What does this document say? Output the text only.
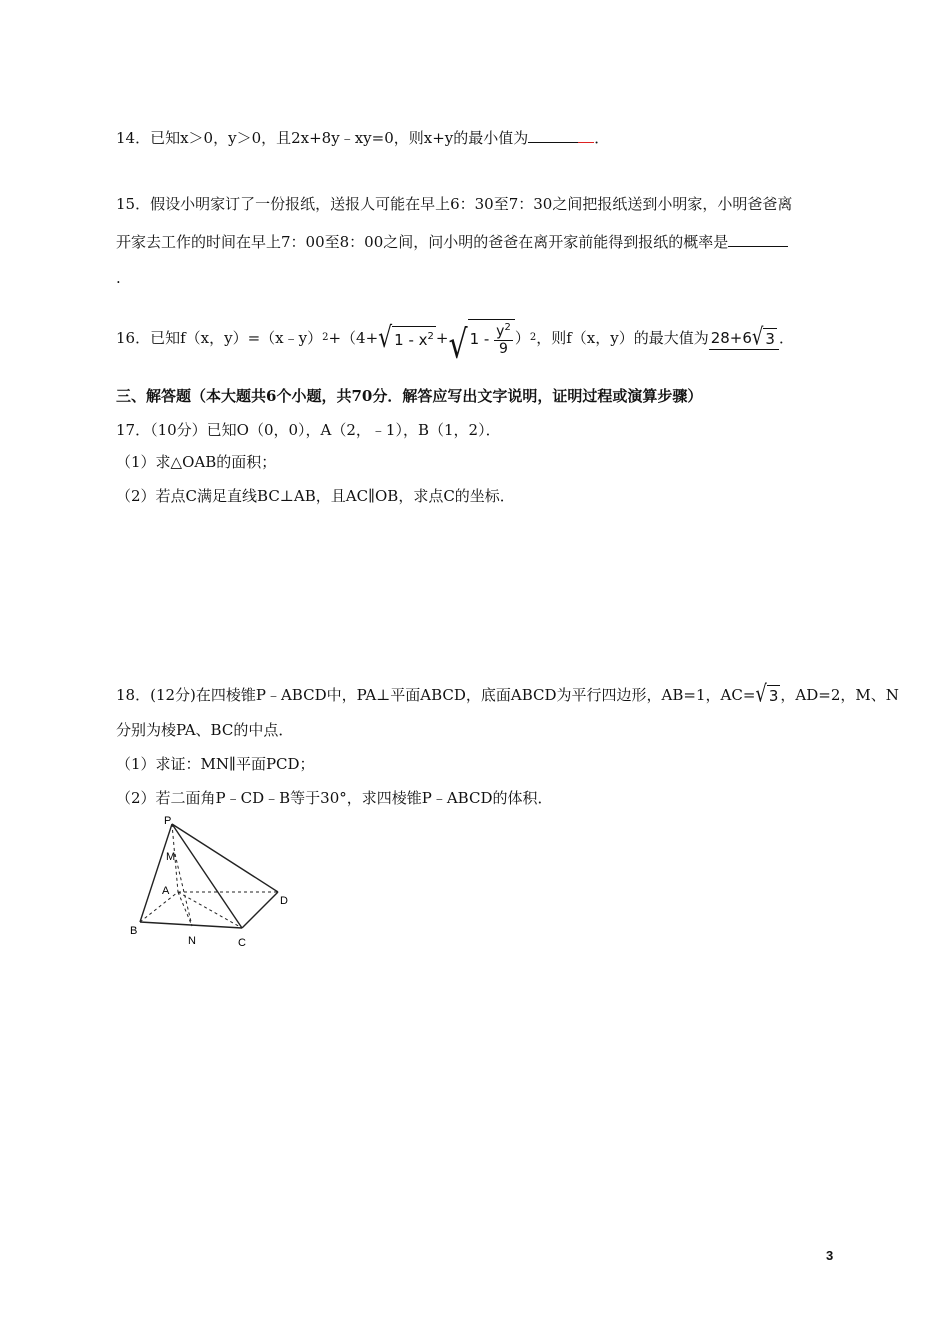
14．已知x＞0，y＞0，且2x+8y﹣xy=0，则x+y的最小值为	．
15．假设小明家订了一份报纸，送报人可能在早上6：30至7：30之间把报纸送到小明家，小明爸爸离
开家去工作的时间在早上7：00至8：00之间，问小明的爸爸在离开家前能得到报纸的概率是
.
16．已知f（x，y）=（x﹣y） 2 +（4+ √ $1 - x^2$ + √ 1 -
$\frac{y^2}{9}$ ） 2 ，则f（x，y）的最大值为 28+6 √ 3 ．
三、解答题（本大题共6个小题，共70分．解答应写出文字说明，证明过程或演算步骤）
17．（10分）已知O（0，0），A（2，﹣1），B（1，2）．
（1）求△OAB的面积；
（2）若点C满足直线BC⊥AB，且AC∥OB，求点C的坐标．
18．(12分)在四棱锥P﹣ABCD中，PA⊥平面ABCD，底面ABCD为平行四边形，AB=1，AC= √ 3 ，AD=2，M、N
分别为棱PA、BC的中点．
（1）求证：MN∥平面PCD；
（2）若二面角P﹣CD﹣B等于30°，求四棱锥P﹣ABCD的体积．
P
M
A
D
B
N	C
3
